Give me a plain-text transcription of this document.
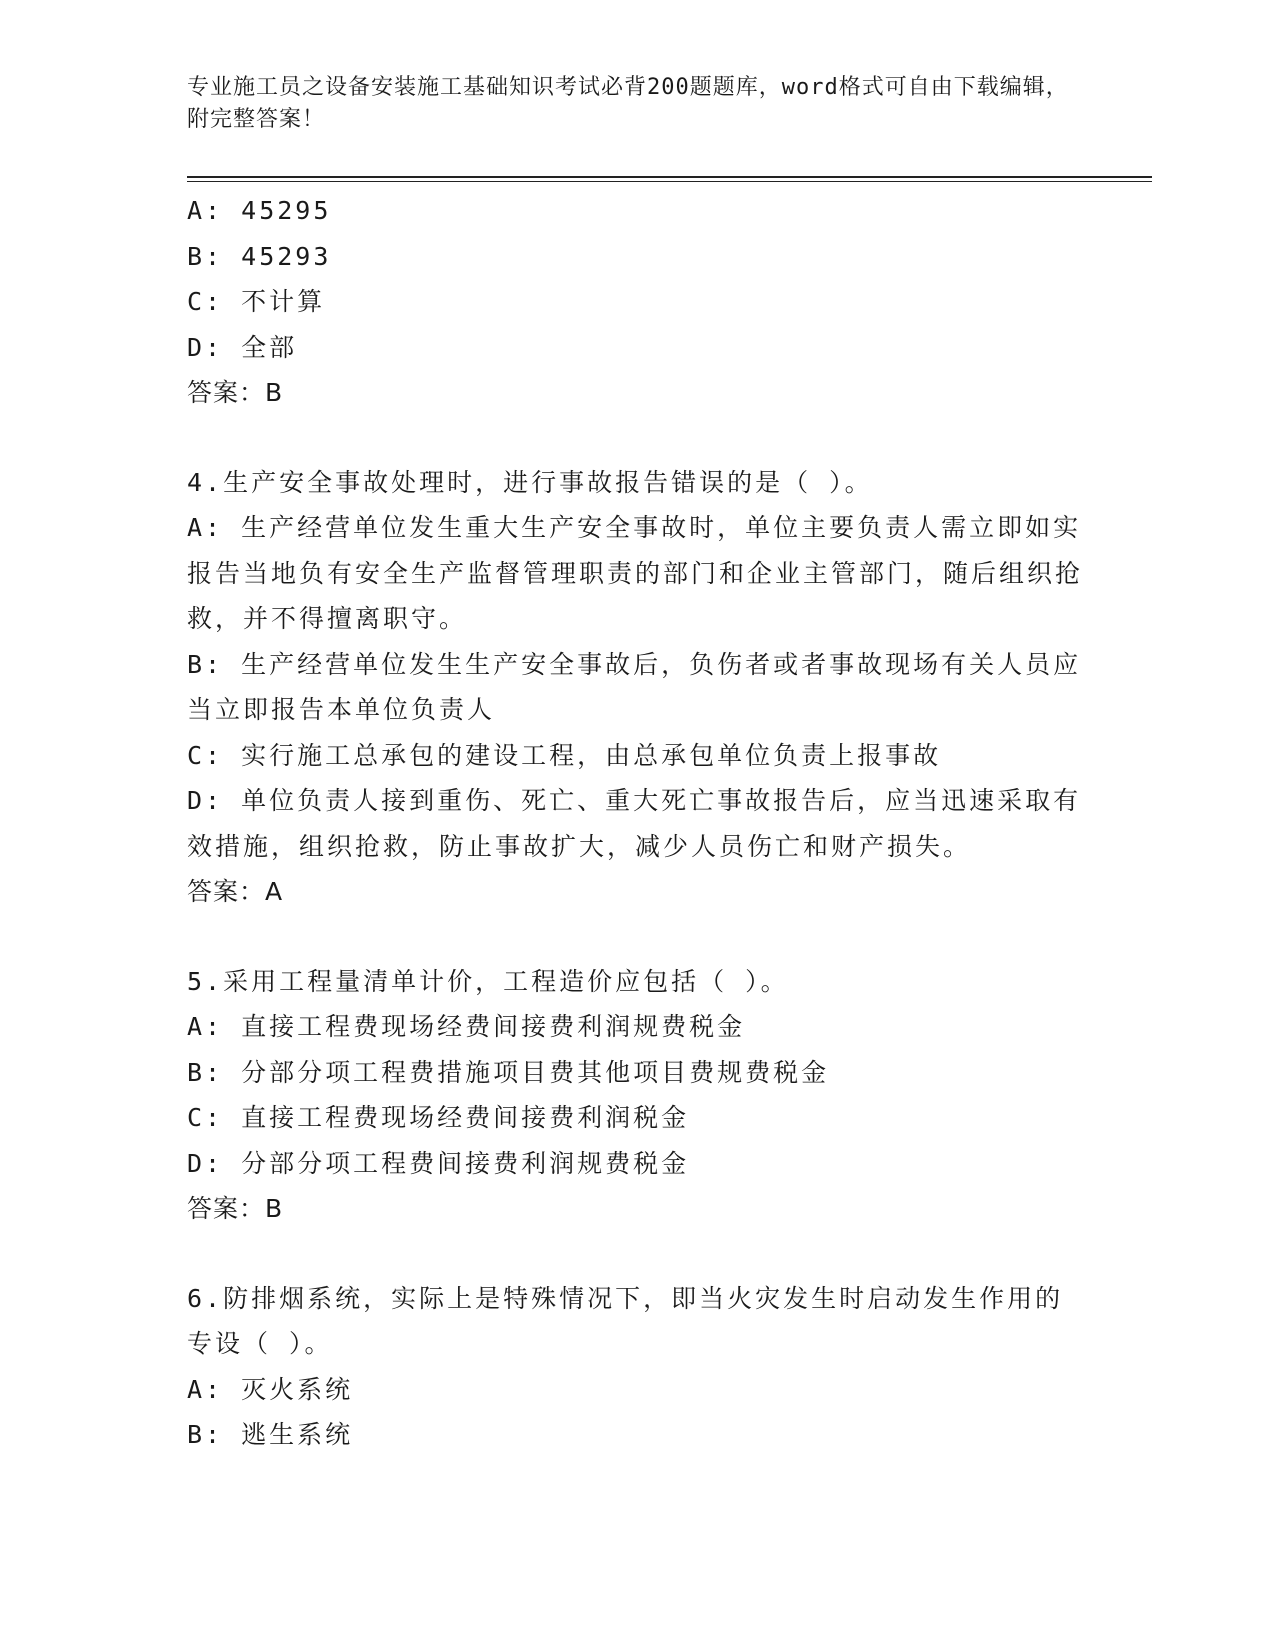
专业施工员之设备安装施工基础知识考试必背200题题库，word格式可自由下载编辑，附完整答案！
A: 45295
B: 45293
C: 不计算
D: 全部
答案：B
4.生产安全事故处理时，进行事故报告错误的是（ ）。
A: 生产经营单位发生重大生产安全事故时，单位主要负责人需立即如实报告当地负有安全生产监督管理职责的部门和企业主管部门，随后组织抢救，并不得擅离职守。
B: 生产经营单位发生生产安全事故后，负伤者或者事故现场有关人员应当立即报告本单位负责人
C: 实行施工总承包的建设工程，由总承包单位负责上报事故
D: 单位负责人接到重伤、死亡、重大死亡事故报告后，应当迅速采取有效措施，组织抢救，防止事故扩大，减少人员伤亡和财产损失。
答案：A
5.采用工程量清单计价，工程造价应包括（ ）。
A: 直接工程费现场经费间接费利润规费税金
B: 分部分项工程费措施项目费其他项目费规费税金
C: 直接工程费现场经费间接费利润税金
D: 分部分项工程费间接费利润规费税金
答案：B
6.防排烟系统，实际上是特殊情况下，即当火灾发生时启动发生作用的专设（ ）。
A: 灭火系统
B: 逃生系统
